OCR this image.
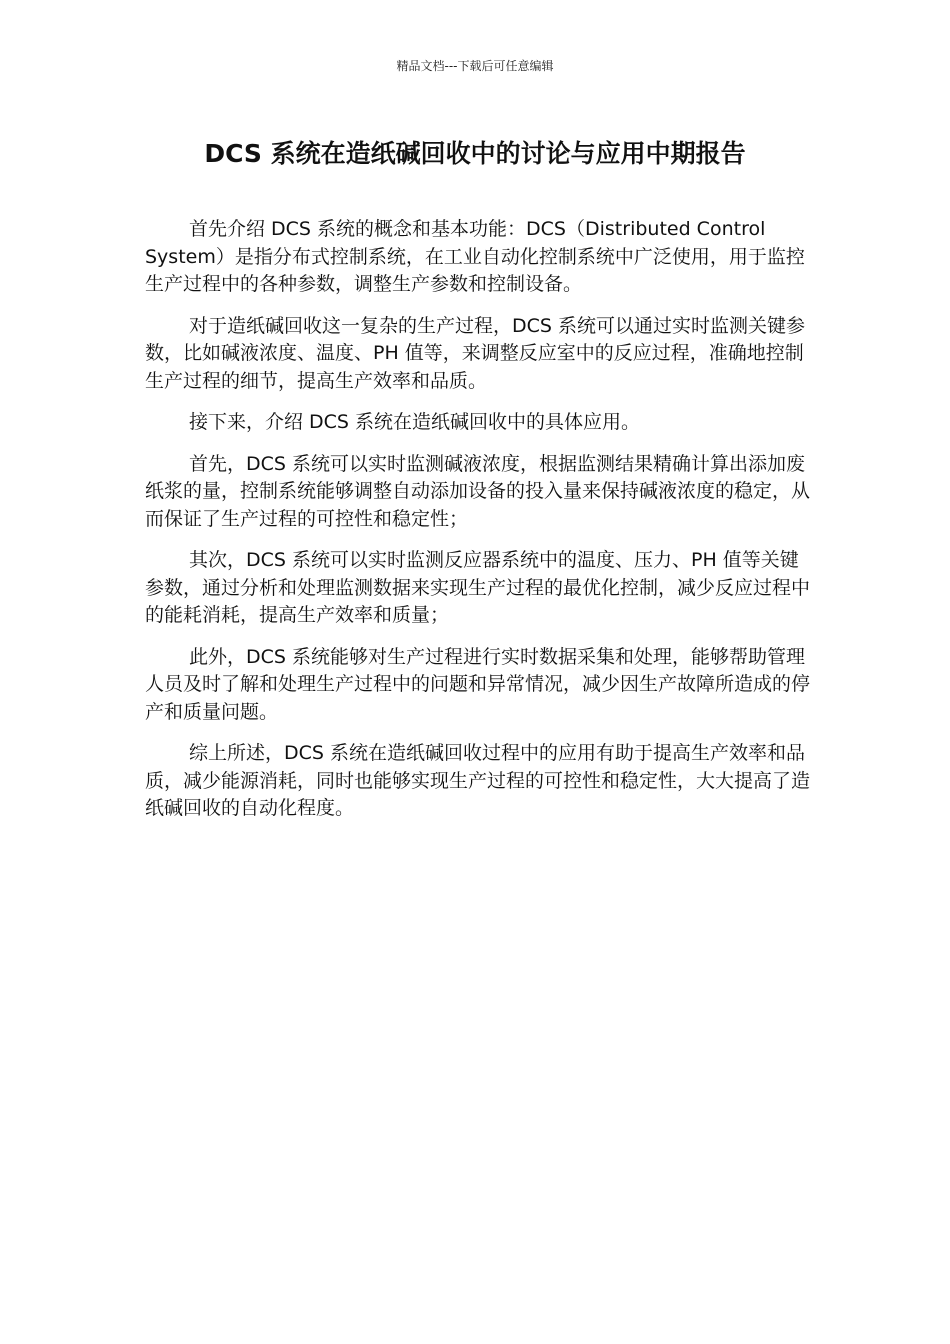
精品文档---下载后可任意编辑
DCS 系统在造纸碱回收中的讨论与应用中期报告

首先介绍 DCS 系统的概念和基本功能：DCS（Distributed Control System）是指分布式控制系统，在工业自动化控制系统中广泛使用，用于监控生产过程中的各种参数，调整生产参数和控制设备。

对于造纸碱回收这一复杂的生产过程，DCS 系统可以通过实时监测关键参数，比如碱液浓度、温度、PH 值等，来调整反应室中的反应过程，准确地控制生产过程的细节，提高生产效率和品质。

接下来，介绍 DCS 系统在造纸碱回收中的具体应用。

首先，DCS 系统可以实时监测碱液浓度，根据监测结果精确计算出添加废纸浆的量，控制系统能够调整自动添加设备的投入量来保持碱液浓度的稳定，从而保证了生产过程的可控性和稳定性；

其次，DCS 系统可以实时监测反应器系统中的温度、压力、PH 值等关键参数，通过分析和处理监测数据来实现生产过程的最优化控制，减少反应过程中的能耗消耗，提高生产效率和质量；

此外，DCS 系统能够对生产过程进行实时数据采集和处理，能够帮助管理人员及时了解和处理生产过程中的问题和异常情况，减少因生产故障所造成的停产和质量问题。

综上所述，DCS 系统在造纸碱回收过程中的应用有助于提高生产效率和品质，减少能源消耗，同时也能够实现生产过程的可控性和稳定性，大大提高了造纸碱回收的自动化程度。
